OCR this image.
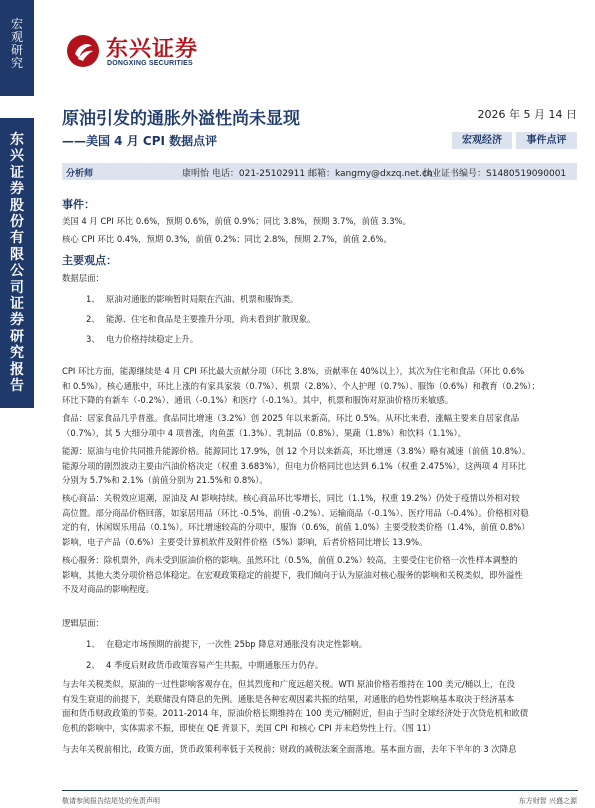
宏
观
研
究
东
兴
证
券
股
份
有
限
公
司
证
券
研
究
报
告
东兴证券
DONGXING SECURITIES
原油引发的通胀外溢性尚未显现
——美国 4 月 CPI 数据点评
2026 年 5 月 14 日
宏观经济	事件点评
分析师	康明怡 电话：021-25102911 邮箱：kangmy@dxzq.net.cn
执业证书编号：S1480519090001
事件：
美国 4 月 CPI 环比 0.6%，预期 0.6%，前值 0.9%；同比 3.8%，预期 3.7%，前值 3.3%。
核心 CPI 环比 0.4%，预期 0.3%，前值 0.2%；同比 2.8%，预期 2.7%，前值 2.6%。
主要观点：
数据层面：
1、 原油对通胀的影响暂时局限在汽油、机票和服饰类。
2、 能源、住宅和食品是主要推升分项，尚未看到扩散现象。
3、 电力价格持续稳定上升。
CPI 环比方面，能源继续是 4 月 CPI 环比最大贡献分项（环比 3.8%，贡献率在 40%以上），其次为住宅和食品（环比 0.6%
和 0.5%）。核心通胀中，环比上涨的有家具家装（0.7%）、机票（2.8%）、个人护理（0.7%）、服饰（0.6%）和教育（0.2%）；
环比下降的有新车（-0.2%）、通讯（-0.1%）和医疗（-0.1%）。其中，机票和服饰对原油价格历来敏感。
食品：居家食品几乎普涨。食品同比增速（3.2%）创 2025 年以来新高，环比 0.5%。从环比来看，涨幅主要来自居家食品
（0.7%），其 5 大细分项中 4 项普涨，肉鱼蛋（1.3%）、乳制品（0.8%）、果蔬（1.8%）和饮料（1.1%）。
能源：原油与电价共同推升能源价格。能源同比 17.9%，创 12 个月以来新高，环比增速（3.8%）略有减速（前值 10.8%）。
能源分项的剧烈波动主要由汽油价格决定（权重 3.683%），但电力价格同比也达到 6.1%（权重 2.475%），这两项 4 月环比
分别为 5.7%和 2.1%（前值分别为 21.5%和 0.8%）。
核心商品：关税效应退潮，原油及 AI 影响持续。核心商品环比零增长，同比（1.1%，权重 19.2%）仍处于疫情以外相对较
高位置。部分商品价格回落，如家居用品（环比 -0.5%，前值 -0.2%）、运输商品（-0.1%）、医疗用品（-0.4%）。价格相对稳
定的有，休闲娱乐用品（0.1%）。环比增速较高的分项中，服饰（0.6%，前值 1.0%）主要受胶类价格（1.4%，前值 0.8%）
影响，电子产品（0.6%）主要受计算机软件及附件价格（5%）影响，后者价格同比增长 13.9%。
核心服务：除机票外，尚未受到原油价格的影响。虽然环比（0.5%，前值 0.2%）较高，主要受住宅价格一次性样本调整的
影响，其他大类分项价格总体稳定。在宏观政策稳定的前提下，我们倾向于认为原油对核心服务的影响和关税类似，即外溢性
不及对商品的影响程度。
逻辑层面：
1、 在稳定市场预期的前提下，一次性 25bp 降息对通胀没有决定性影响。
2、 4 季度后财政货币政策容易产生共振，中期通胀压力仍存。
与去年关税类似，原油的一过性影响客观存在，但其烈度和广度远超关税。WTI 原油价格若维持在 100 美元/桶以上，在没
有发生衰退的前提下，美联储没有降息的先例。通胀是各种宏观因素共振的结果，对通胀的趋势性影响基本取决于经济基本
面和货币财政政策的节奏。2011-2014 年，原油价格长期维持在 100 美元/桶附近，但由于当时全球经济处于次贷危机和欧债
危机的影响中，实体需求不振，即使在 QE 背景下，美国 CPI 和核心 CPI 并未趋势性上行。（图 11）
与去年关税前相比，政策方面，货币政策利率低于关税前；财政的减税法案全面落地。基本面方面，去年下半年的 3 次降息
敬请参阅报告结尾处的免责声明	东方财智 兴盛之源
